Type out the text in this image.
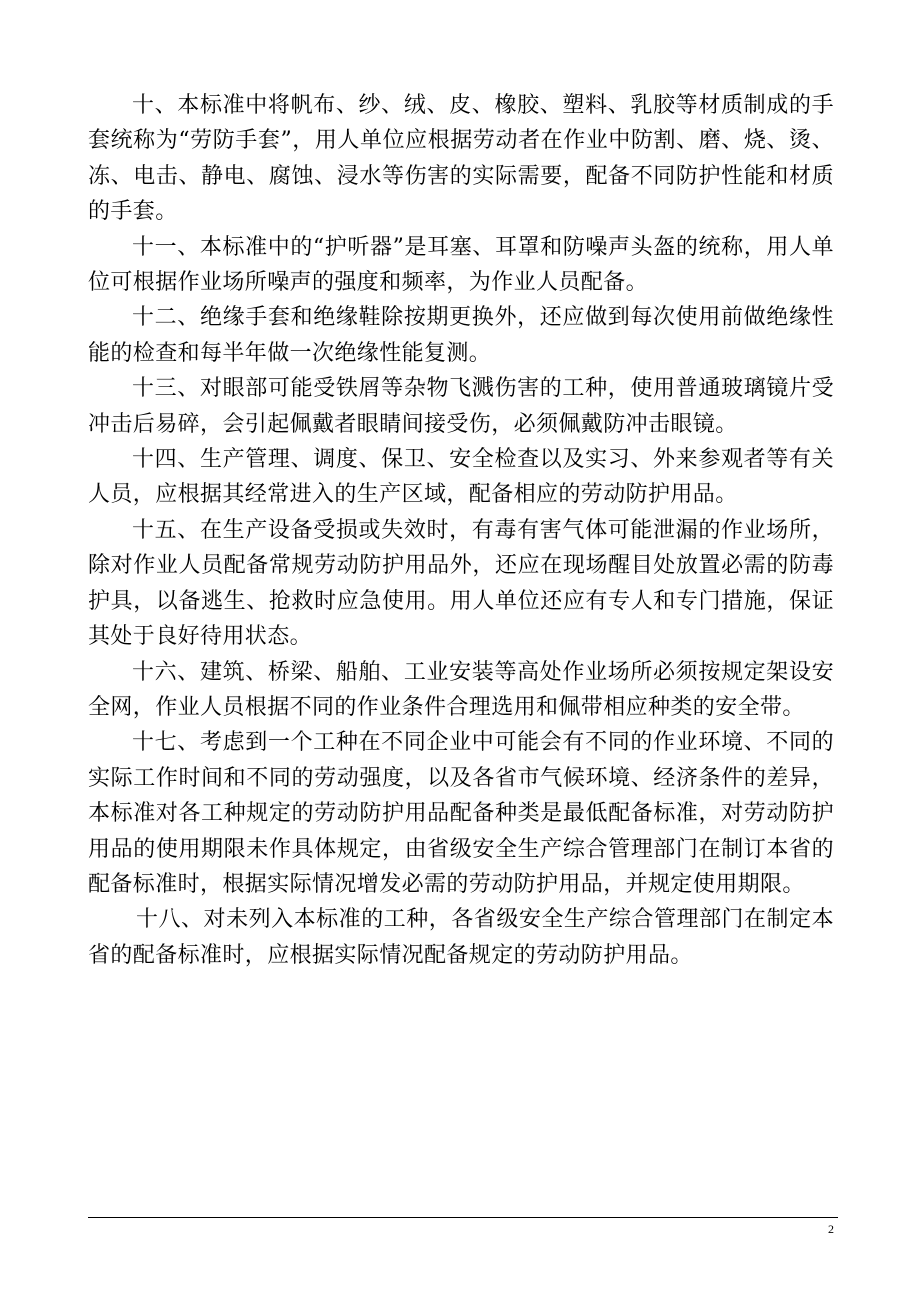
十、本标准中将帆布、纱、绒、皮、橡胶、塑料、乳胶等材质制成的手套统称为“劳防手套”，用人单位应根据劳动者在作业中防割、磨、烧、烫、冻、电击、静电、腐蚀、浸水等伤害的实际需要，配备不同防护性能和材质的手套。

十一、本标准中的“护听器”是耳塞、耳罩和防噪声头盔的统称，用人单位可根据作业场所噪声的强度和频率，为作业人员配备。

十二、绝缘手套和绝缘鞋除按期更换外，还应做到每次使用前做绝缘性能的检查和每半年做一次绝缘性能复测。

十三、对眼部可能受铁屑等杂物飞溅伤害的工种，使用普通玻璃镜片受冲击后易碎，会引起佩戴者眼睛间接受伤，必须佩戴防冲击眼镜。

十四、生产管理、调度、保卫、安全检查以及实习、外来参观者等有关人员，应根据其经常进入的生产区域，配备相应的劳动防护用品。

十五、在生产设备受损或失效时，有毒有害气体可能泄漏的作业场所，除对作业人员配备常规劳动防护用品外，还应在现场醒目处放置必需的防毒护具，以备逃生、抢救时应急使用。用人单位还应有专人和专门措施，保证其处于良好待用状态。

十六、建筑、桥梁、船舶、工业安装等高处作业场所必须按规定架设安全网，作业人员根据不同的作业条件合理选用和佩带相应种类的安全带。

十七、考虑到一个工种在不同企业中可能会有不同的作业环境、不同的实际工作时间和不同的劳动强度，以及各省市气候环境、经济条件的差异，本标准对各工种规定的劳动防护用品配备种类是最低配备标准，对劳动防护用品的使用期限未作具体规定，由省级安全生产综合管理部门在制订本省的配备标准时，根据实际情况增发必需的劳动防护用品，并规定使用期限。

十八、对未列入本标准的工种，各省级安全生产综合管理部门在制定本省的配备标准时，应根据实际情况配备规定的劳动防护用品。

2
